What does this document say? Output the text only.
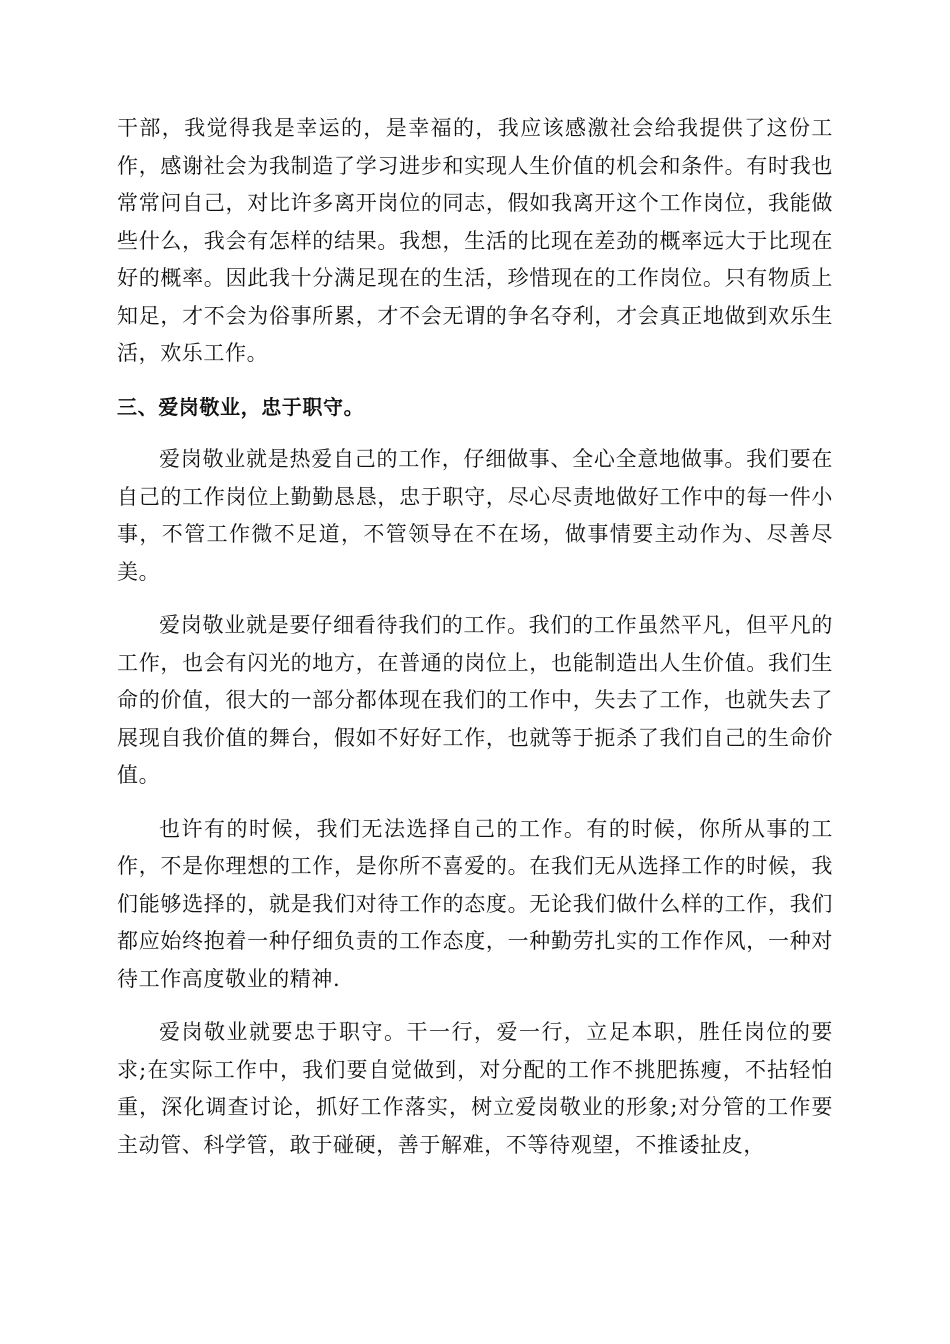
干部，我觉得我是幸运的，是幸福的，我应该感激社会给我提供了这份工作，感谢社会为我制造了学习进步和实现人生价值的机会和条件。有时我也常常问自己，对比许多离开岗位的同志，假如我离开这个工作岗位，我能做些什么，我会有怎样的结果。我想，生活的比现在差劲的概率远大于比现在好的概率。因此我十分满足现在的生活，珍惜现在的工作岗位。只有物质上知足，才不会为俗事所累，才不会无谓的争名夺利，才会真正地做到欢乐生活，欢乐工作。

三、爱岗敬业，忠于职守。

爱岗敬业就是热爱自己的工作，仔细做事、全心全意地做事。我们要在自己的工作岗位上勤勤恳恳，忠于职守，尽心尽责地做好工作中的每一件小事，不管工作微不足道，不管领导在不在场，做事情要主动作为、尽善尽美。

爱岗敬业就是要仔细看待我们的工作。我们的工作虽然平凡，但平凡的工作，也会有闪光的地方，在普通的岗位上，也能制造出人生价值。我们生命的价值，很大的一部分都体现在我们的工作中，失去了工作，也就失去了展现自我价值的舞台，假如不好好工作，也就等于扼杀了我们自己的生命价值。

也许有的时候，我们无法选择自己的工作。有的时候，你所从事的工作，不是你理想的工作，是你所不喜爱的。在我们无从选择工作的时候，我们能够选择的，就是我们对待工作的态度。无论我们做什么样的工作，我们都应始终抱着一种仔细负责的工作态度，一种勤劳扎实的工作作风，一种对待工作高度敬业的精神.

爱岗敬业就要忠于职守。干一行，爱一行，立足本职，胜任岗位的要求;在实际工作中，我们要自觉做到，对分配的工作不挑肥拣瘦，不拈轻怕重，深化调查讨论，抓好工作落实，树立爱岗敬业的形象;对分管的工作要主动管、科学管，敢于碰硬，善于解难，不等待观望，不推诿扯皮，
